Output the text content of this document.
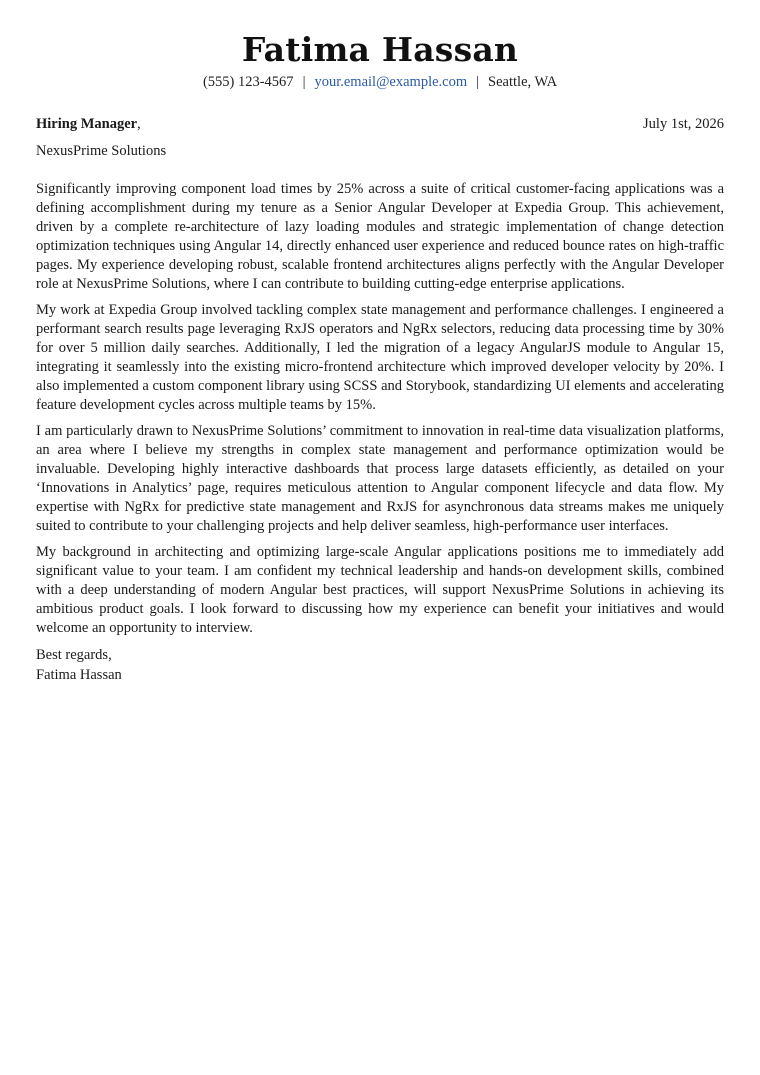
Fatima Hassan
(555) 123-4567 | your.email@example.com | Seattle, WA
Hiring Manager,	July 1st, 2026
NexusPrime Solutions

Significantly improving component load times by 25% across a suite of critical customer-facing applications was a defining accomplishment during my tenure as a Senior Angular Developer at Expedia Group. This achievement, driven by a complete re-architecture of lazy loading modules and strategic implementation of change detection optimization techniques using Angular 14, directly enhanced user experience and reduced bounce rates on high-traffic pages. My experience developing robust, scalable frontend architectures aligns perfectly with the Angular Developer role at NexusPrime Solutions, where I can contribute to building cutting-edge enterprise applications.

My work at Expedia Group involved tackling complex state management and performance challenges. I engineered a performant search results page leveraging RxJS operators and NgRx selectors, reducing data processing time by 30% for over 5 million daily searches. Additionally, I led the migration of a legacy AngularJS module to Angular 15, integrating it seamlessly into the existing micro-frontend architecture which improved developer velocity by 20%. I also implemented a custom component library using SCSS and Storybook, standardizing UI elements and accelerating feature development cycles across multiple teams by 15%.

I am particularly drawn to NexusPrime Solutions’ commitment to innovation in real-time data visualization platforms, an area where I believe my strengths in complex state management and performance optimization would be invaluable. Developing highly interactive dashboards that process large datasets efficiently, as detailed on your ‘Innovations in Analytics’ page, requires meticulous attention to Angular component lifecycle and data flow. My expertise with NgRx for predictive state management and RxJS for asynchronous data streams makes me uniquely suited to contribute to your challenging projects and help deliver seamless, high-performance user interfaces.

My background in architecting and optimizing large-scale Angular applications positions me to immediately add significant value to your team. I am confident my technical leadership and hands-on development skills, combined with a deep understanding of modern Angular best practices, will support NexusPrime Solutions in achieving its ambitious product goals. I look forward to discussing how my experience can benefit your initiatives and would welcome an opportunity to interview.

Best regards,
Fatima Hassan
